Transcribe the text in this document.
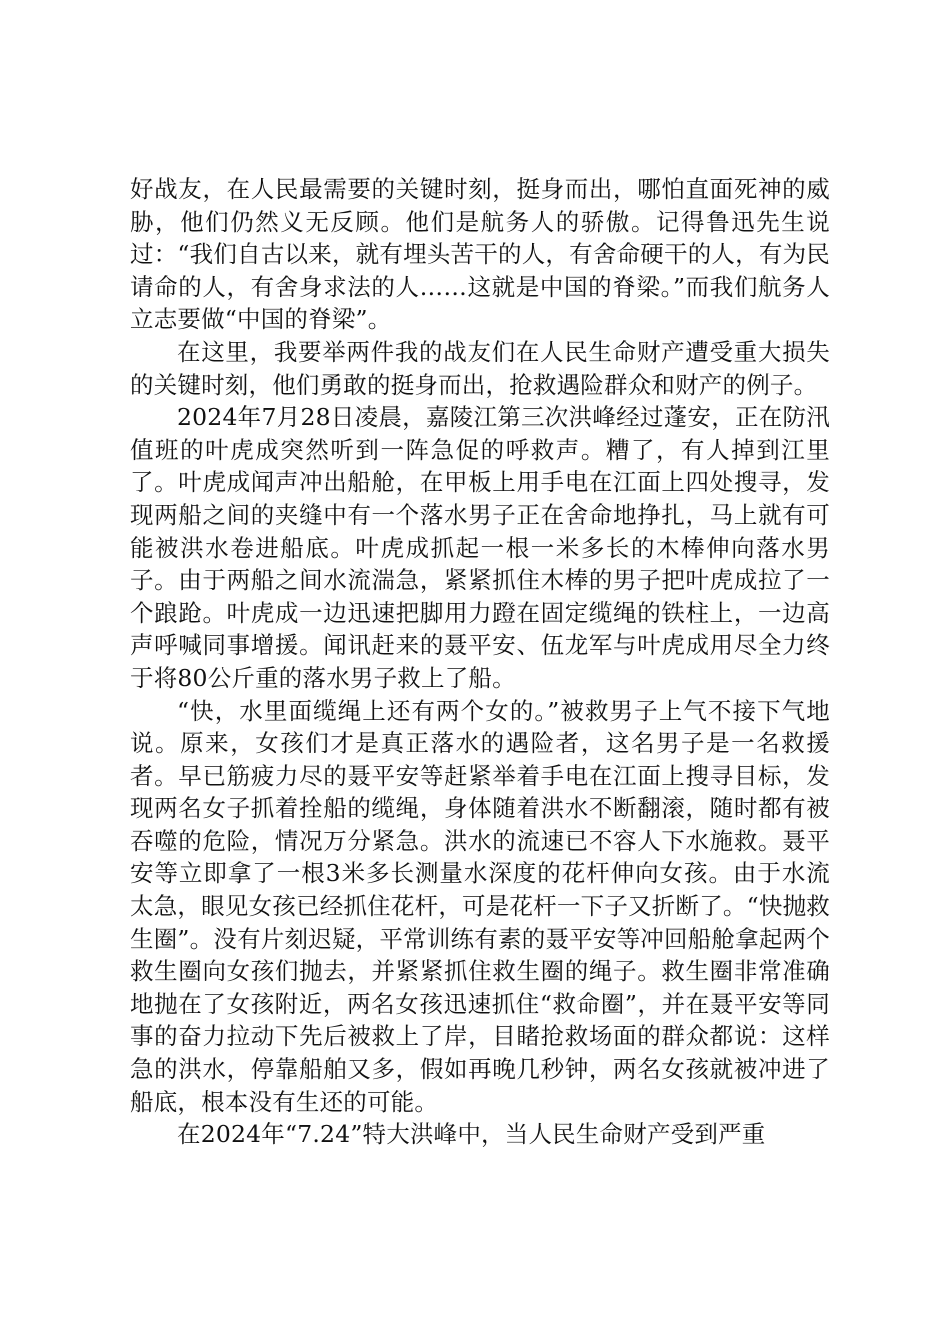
好战友，在人民最需要的关键时刻，挺身而出，哪怕直面死神的威胁，他们仍然义无反顾。他们是航务人的骄傲。记得鲁迅先生说过：“我们自古以来，就有埋头苦干的人，有舍命硬干的人，有为民请命的人，有舍身求法的人……这就是中国的脊梁。”而我们航务人立志要做“中国的脊梁”。

在这里，我要举两件我的战友们在人民生命财产遭受重大损失的关键时刻，他们勇敢的挺身而出，抢救遇险群众和财产的例子。

2024年7月28日凌晨，嘉陵江第三次洪峰经过蓬安，正在防汛值班的叶虎成突然听到一阵急促的呼救声。糟了，有人掉到江里了。叶虎成闻声冲出船舱，在甲板上用手电在江面上四处搜寻，发现两船之间的夹缝中有一个落水男子正在舍命地挣扎，马上就有可能被洪水卷进船底。叶虎成抓起一根一米多长的木棒伸向落水男子。由于两船之间水流湍急，紧紧抓住木棒的男子把叶虎成拉了一个踉跄。叶虎成一边迅速把脚用力蹬在固定缆绳的铁柱上，一边高声呼喊同事增援。闻讯赶来的聂平安、伍龙军与叶虎成用尽全力终于将80公斤重的落水男子救上了船。

“快，水里面缆绳上还有两个女的。”被救男子上气不接下气地说。原来，女孩们才是真正落水的遇险者，这名男子是一名救援者。早已筋疲力尽的聂平安等赶紧举着手电在江面上搜寻目标，发现两名女子抓着拴船的缆绳，身体随着洪水不断翻滚，随时都有被吞噬的危险，情况万分紧急。洪水的流速已不容人下水施救。聂平安等立即拿了一根3米多长测量水深度的花杆伸向女孩。由于水流太急，眼见女孩已经抓住花杆，可是花杆一下子又折断了。“快抛救生圈”。没有片刻迟疑，平常训练有素的聂平安等冲回船舱拿起两个救生圈向女孩们抛去，并紧紧抓住救生圈的绳子。救生圈非常准确地抛在了女孩附近，两名女孩迅速抓住“救命圈”，并在聂平安等同事的奋力拉动下先后被救上了岸，目睹抢救场面的群众都说：这样急的洪水，停靠船舶又多，假如再晚几秒钟，两名女孩就被冲进了船底，根本没有生还的可能。

在2024年“7.24”特大洪峰中，当人民生命财产受到严重
